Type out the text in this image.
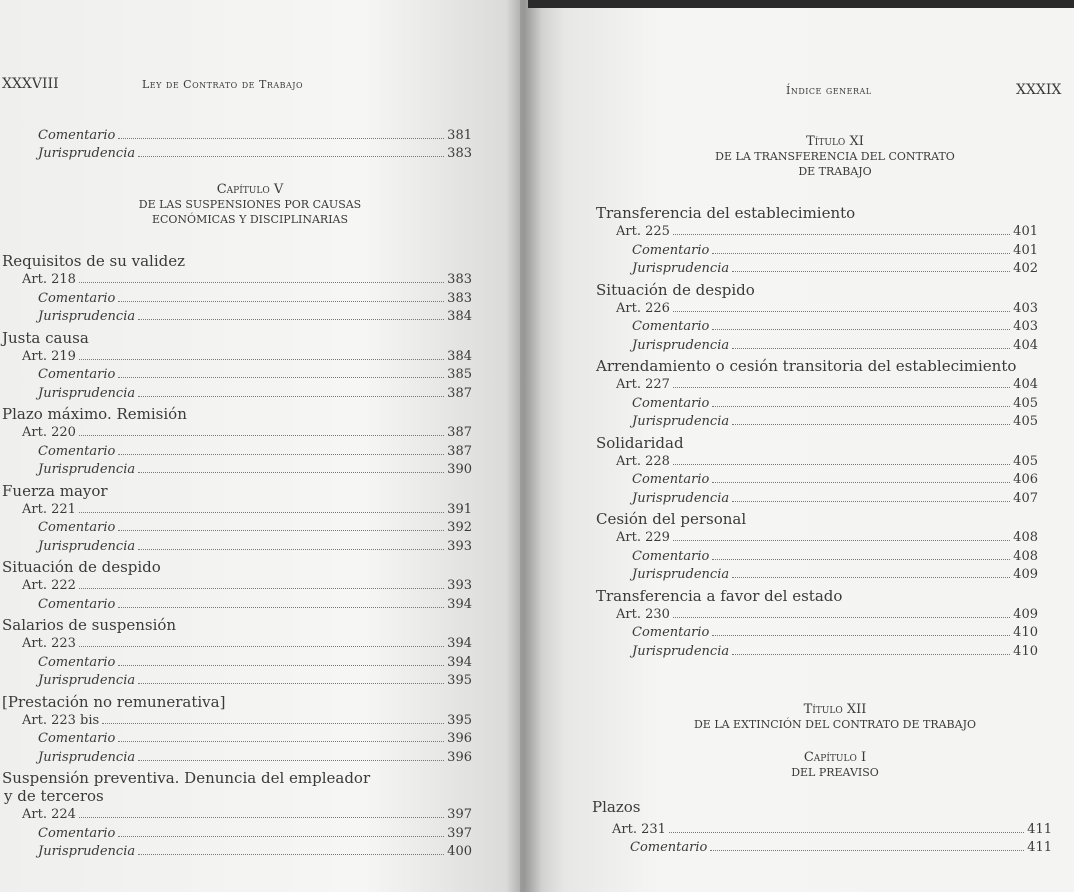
XXXVIII	Ley de Contrato de Trabajo
Comentario	381
Jurisprudencia	383
Capítulo V
DE LAS SUSPENSIONES POR CAUSAS
ECONÓMICAS Y DISCIPLINARIAS
Requisitos de su validez
Art. 218	383
Comentario	383
Jurisprudencia	384
Justa causa
Art. 219	384
Comentario	385
Jurisprudencia	387
Plazo máximo. Remisión
Art. 220	387
Comentario	387
Jurisprudencia	390
Fuerza mayor
Art. 221	391
Comentario	392
Jurisprudencia	393
Situación de despido
Art. 222	393
Comentario	394
Salarios de suspensión
Art. 223	394
Comentario	394
Jurisprudencia	395
[Prestación no remunerativa]
Art. 223 bis	395
Comentario	396
Jurisprudencia	396
Suspensión preventiva. Denuncia del empleador
y de terceros
Art. 224	397
Comentario	397
Jurisprudencia	400
Índice general	XXXIX
Título XI
DE LA TRANSFERENCIA DEL CONTRATO
DE TRABAJO
Transferencia del establecimiento
Art. 225	401
Comentario	401
Jurisprudencia	402
Situación de despido
Art. 226	403
Comentario	403
Jurisprudencia	404
Arrendamiento o cesión transitoria del establecimiento
Art. 227	404
Comentario	405
Jurisprudencia	405
Solidaridad
Art. 228	405
Comentario	406
Jurisprudencia	407
Cesión del personal
Art. 229	408
Comentario	408
Jurisprudencia	409
Transferencia a favor del estado
Art. 230	409
Comentario	410
Jurisprudencia	410
Título XII
DE LA EXTINCIÓN DEL CONTRATO DE TRABAJO
Capítulo I
DEL PREAVISO
Plazos
Art. 231	411
Comentario	411
